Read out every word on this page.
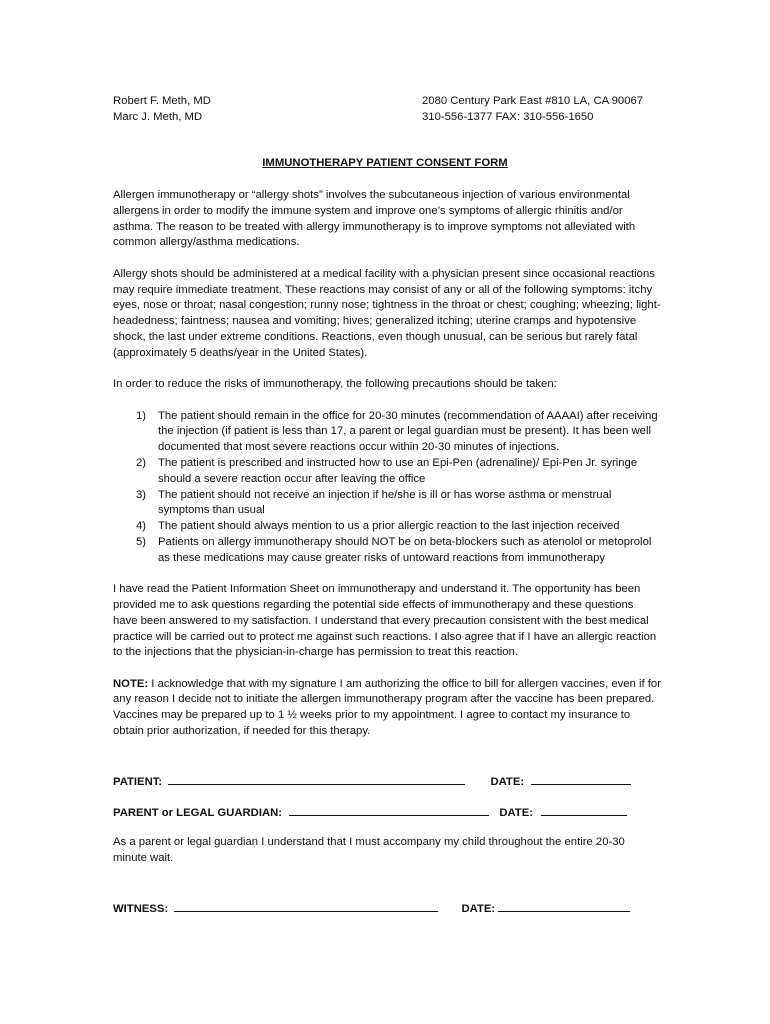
Robert F. Meth, MD
Marc J. Meth, MD
2080 Century Park East #810 LA, CA 90067
310-556-1377 FAX: 310-556-1650
IMMUNOTHERAPY PATIENT CONSENT FORM

Allergen immunotherapy or “allergy shots” involves the subcutaneous injection of various environmental allergens in order to modify the immune system and improve one’s symptoms of allergic rhinitis and/or asthma. The reason to be treated with allergy immunotherapy is to improve symptoms not alleviated with common allergy/asthma medications.

Allergy shots should be administered at a medical facility with a physician present since occasional reactions may require immediate treatment. These reactions may consist of any or all of the following symptoms: itchy eyes, nose or throat; nasal congestion; runny nose; tightness in the throat or chest; coughing; wheezing; light-headedness; faintness; nausea and vomiting; hives; generalized itching; uterine cramps and hypotensive shock, the last under extreme conditions. Reactions, even though unusual, can be serious but rarely fatal (approximately 5 deaths/year in the United States).

In order to reduce the risks of immunotherapy, the following precautions should be taken:

1) The patient should remain in the office for 20-30 minutes (recommendation of AAAAI) after receiving the injection (if patient is less than 17, a parent or legal guardian must be present). It has been well documented that most severe reactions occur within 20-30 minutes of injections.
2) The patient is prescribed and instructed how to use an Epi-Pen (adrenaline)/ Epi-Pen Jr. syringe should a severe reaction occur after leaving the office
3) The patient should not receive an injection if he/she is ill or has worse asthma or menstrual symptoms than usual
4) The patient should always mention to us a prior allergic reaction to the last injection received
5) Patients on allergy immunotherapy should NOT be on beta-blockers such as atenolol or metoprolol as these medications may cause greater risks of untoward reactions from immunotherapy

I have read the Patient Information Sheet on immunotherapy and understand it. The opportunity has been provided me to ask questions regarding the potential side effects of immunotherapy and these questions have been answered to my satisfaction. I understand that every precaution consistent with the best medical practice will be carried out to protect me against such reactions. I also agree that if I have an allergic reaction to the injections that the physician-in-charge has permission to treat this reaction.

NOTE: I acknowledge that with my signature I am authorizing the office to bill for allergen vaccines, even if for any reason I decide not to initiate the allergen immunotherapy program after the vaccine has been prepared. Vaccines may be prepared up to 1 ½ weeks prior to my appointment. I agree to contact my insurance to obtain prior authorization, if needed for this therapy.

PATIENT:	DATE:
PARENT or LEGAL GUARDIAN:	DATE:
As a parent or legal guardian I understand that I must accompany my child throughout the entire 20-30 minute wait.
WITNESS:	DATE:
